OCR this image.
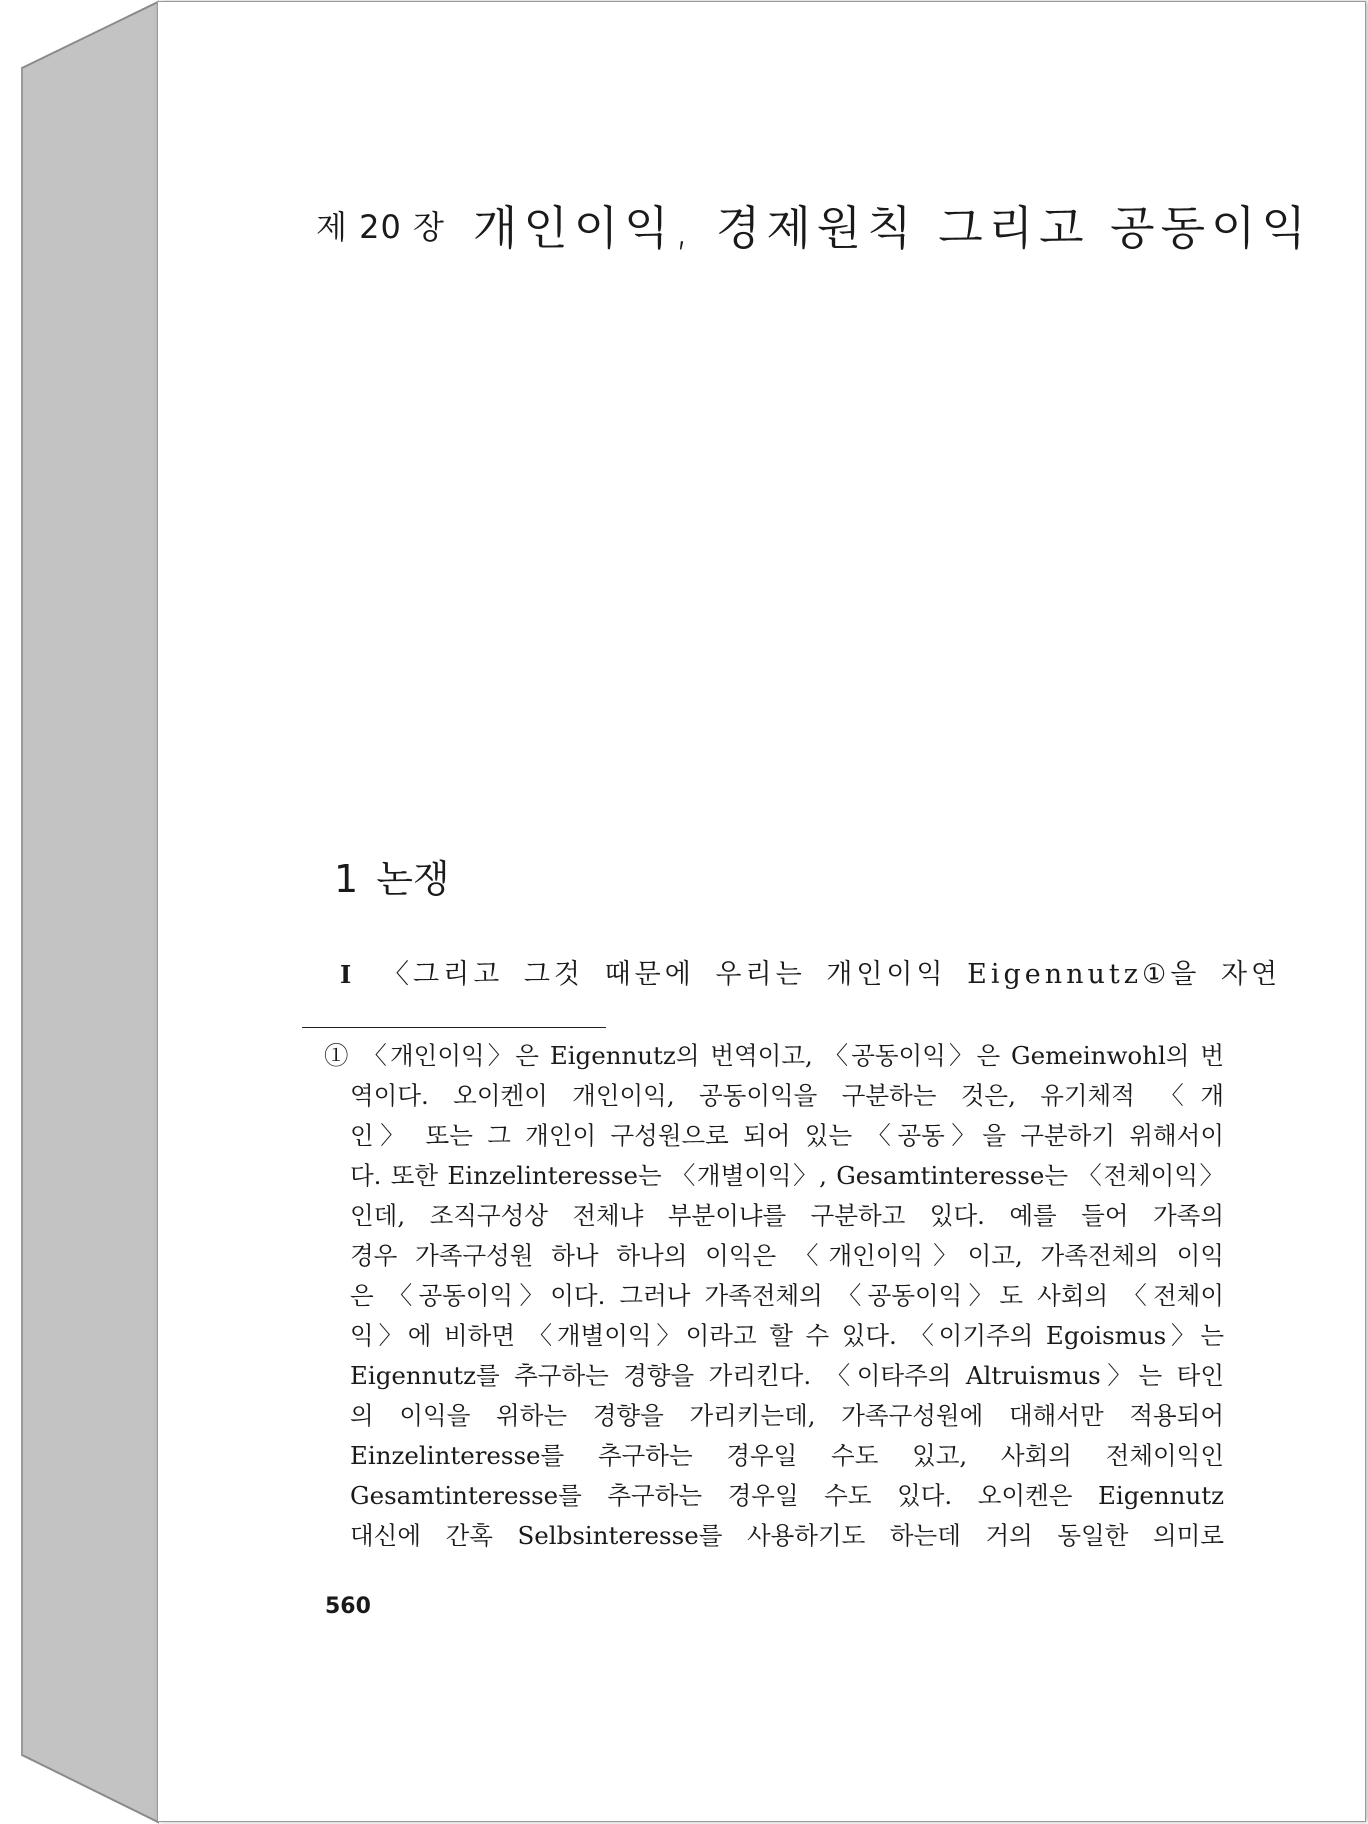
제 20 장 개인이익, 경제원칙 그리고 공동이익
1 논쟁
I 〈그리고 그것 때문에 우리는 개인이익 Eigennutz①을 자연
① 〈개인이익〉은 Eigennutz의 번역이고, 〈공동이익〉은 Gemeinwohl의 번
역이다. 오이켄이 개인이익, 공동이익을 구분하는 것은, 유기체적 〈개
인〉 또는 그 개인이 구성원으로 되어 있는 〈공동〉을 구분하기 위해서이
다. 또한 Einzelinteresse는 〈개별이익〉, Gesamtinteresse는 〈전체이익〉
인데, 조직구성상 전체냐 부분이냐를 구분하고 있다. 예를 들어 가족의
경우 가족구성원 하나 하나의 이익은 〈개인이익〉이고, 가족전체의 이익
은 〈공동이익〉이다. 그러나 가족전체의 〈공동이익〉도 사회의 〈전체이
익〉에 비하면 〈개별이익〉이라고 할 수 있다. 〈이기주의 Egoismus〉는
Eigennutz를 추구하는 경향을 가리킨다. 〈이타주의 Altruismus〉는 타인
의 이익을 위하는 경향을 가리키는데, 가족구성원에 대해서만 적용되어
Einzelinteresse를 추구하는 경우일 수도 있고, 사회의 전체이익인
Gesamtinteresse를 추구하는 경우일 수도 있다. 오이켄은 Eigennutz
대신에 간혹 Selbsinteresse를 사용하기도 하는데 거의 동일한 의미로
560
